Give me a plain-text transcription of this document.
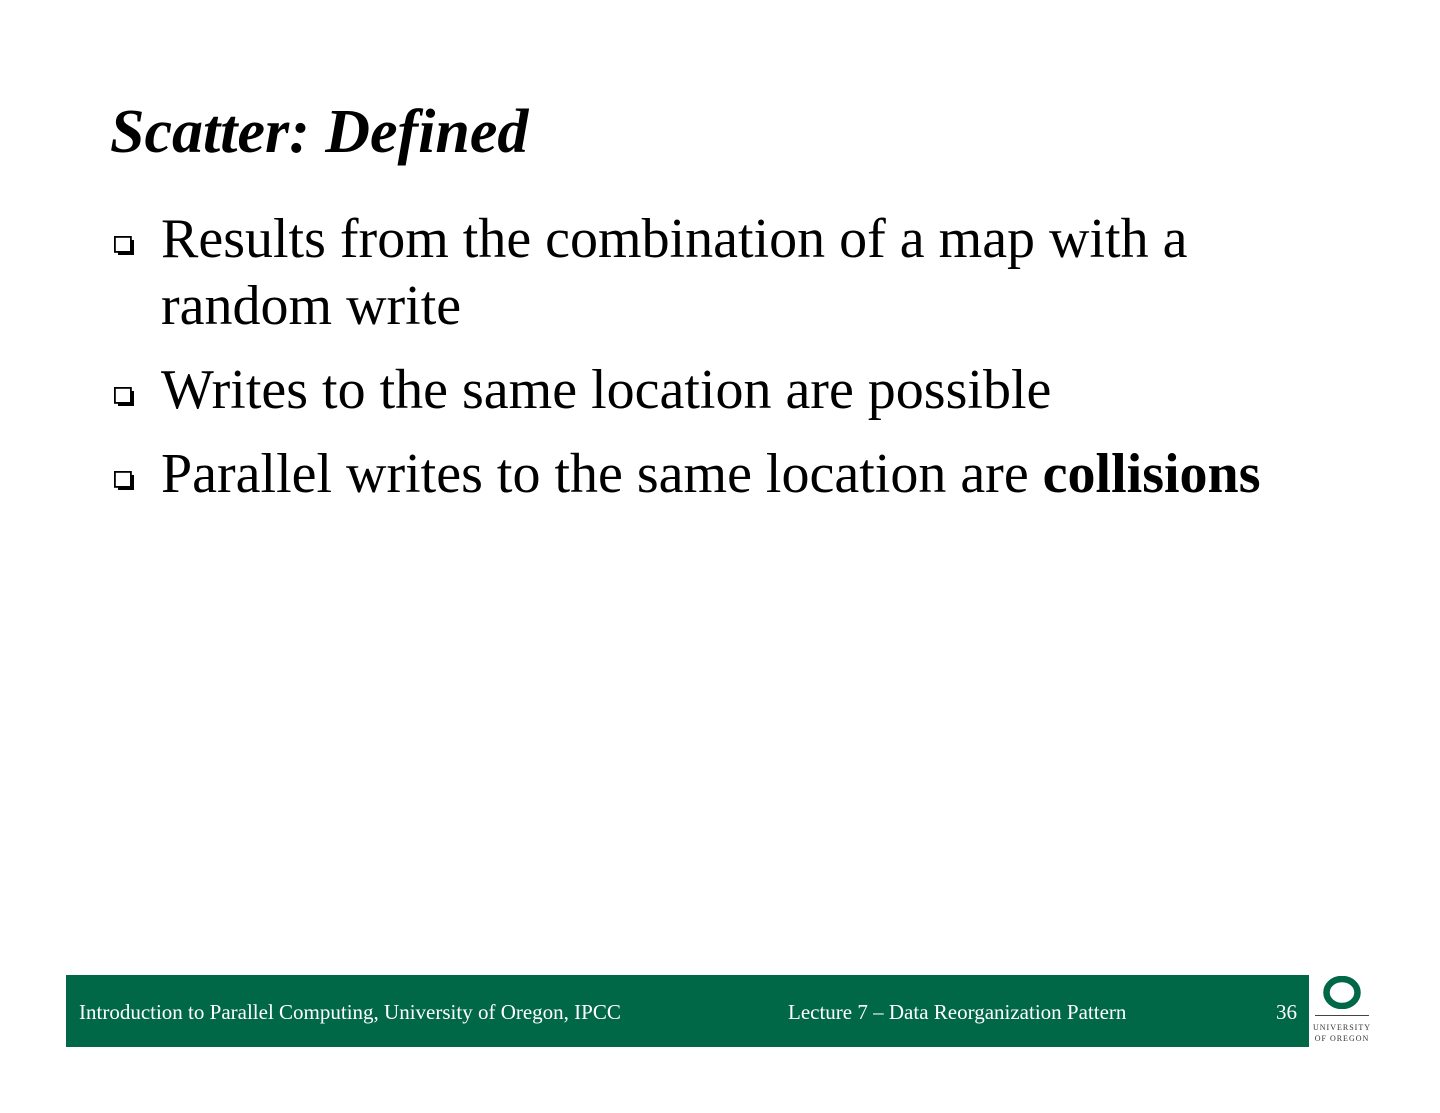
Scatter: Defined
Results from the combination of a map with a random write
Writes to the same location are possible
Parallel writes to the same location are collisions
Introduction to Parallel Computing, University of Oregon, IPCC	Lecture 7 – Data Reorganization Pattern	36
UNIVERSITY
OF OREGON
